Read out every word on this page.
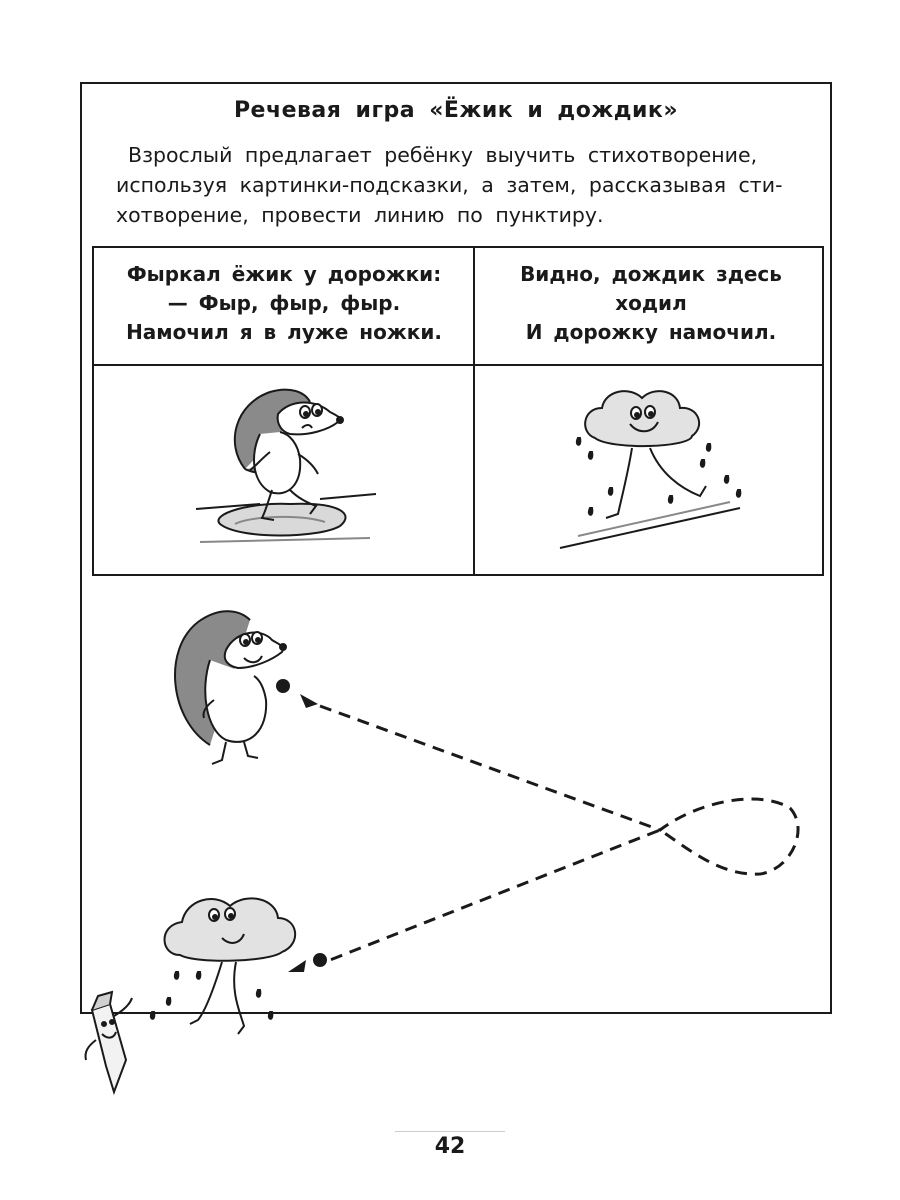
Речевая игра «Ёжик и дождик»
Взрослый предлагает ребёнку выучить стихотворение,
используя картинки-подсказки, а затем, рассказывая сти-
хотворение, провести линию по пунктиру.
Фыркал ёжик у дорожки:
— Фыр, фыр, фыр.
Намочил я в луже ножки.
Видно, дождик здесь
ходил
И дорожку намочил.
42
